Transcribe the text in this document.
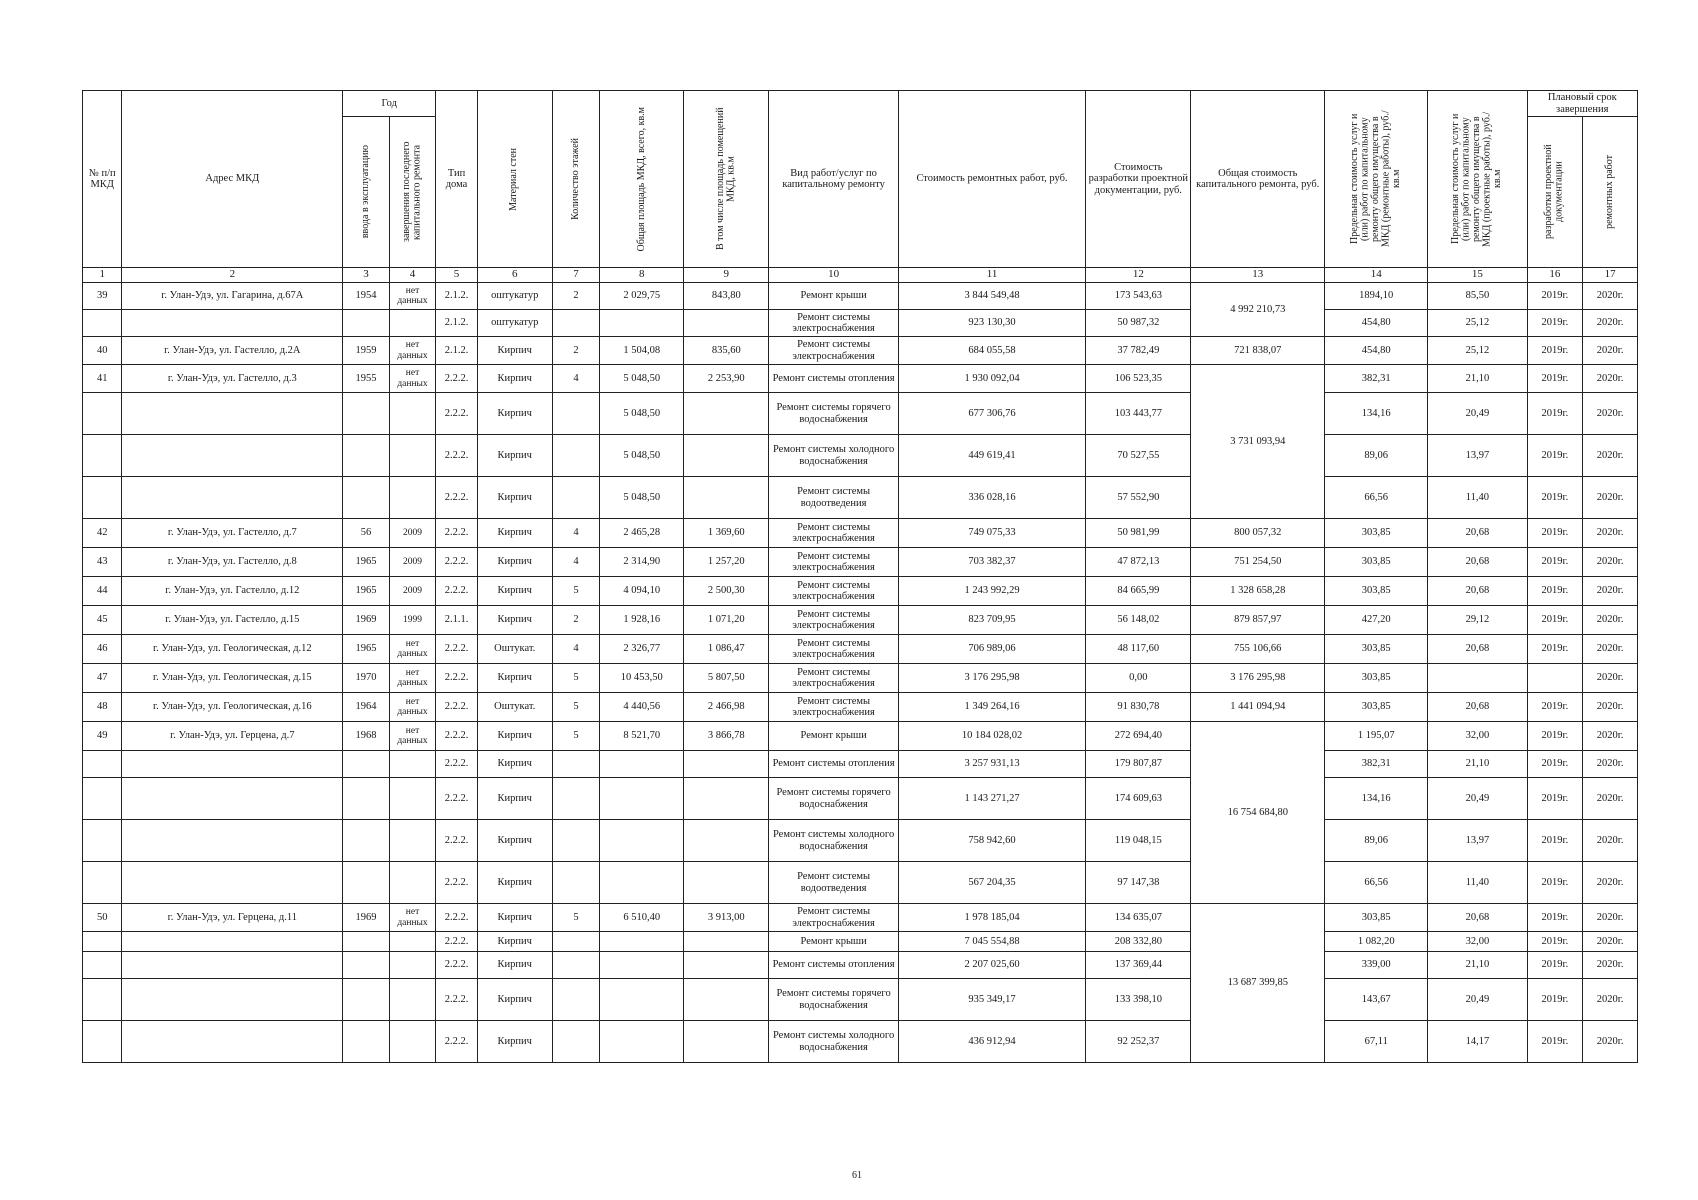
№ п/п МКД	Адрес МКД	Год		Тип дома	Материал стен	Количество этажей	Общая площадь МКД, всего, кв.м	В том числе площадь помещений МКД, кв.м	Вид работ/услуг по капитальному ремонту	Стоимость ремонтных работ, руб.	Стоимость разработки проектной документации, руб.	Общая стоимость капитального ремонта, руб.	Предельная стоимость услуг и (или) работ по капитальному ремонту общего имущества в МКД (ремонтные работы), руб./кв.м	Предельная стоимость услуг и (или) работ по капитальному ремонту общего имущества в МКД (проектные работы), руб./кв.м	Плановый срок завершения	

		ввода в эксплуатацию	завершения последнего капитального ремонта												разработки проектной документации	ремонтных работ

1	2	3	4	5	6	7	8	9	10	11	12	13	14	15	16	17
39	г. Улан-Удэ, ул. Гагарина, д.67А	1954	нет данных	2.1.2.	оштукатур	2	2 029,75	843,80	Ремонт крыши	3 844 549,48	173 543,63	4 992 210,73	1894,10	85,50	2019г.	2020г.
				2.1.2.	оштукатур				Ремонт системы электроснабжения	923 130,30	50 987,32		454,80	25,12	2019г.	2020г.
40	г. Улан-Удэ, ул. Гастелло, д.2А	1959	нет данных	2.1.2.	Кирпич	2	1 504,08	835,60	Ремонт системы электроснабжения	684 055,58	37 782,49	721 838,07	454,80	25,12	2019г.	2020г.
41	г. Улан-Удэ, ул. Гастелло, д.3	1955	нет данных	2.2.2.	Кирпич	4	5 048,50	2 253,90	Ремонт системы отопления	1 930 092,04	106 523,35	3 731 093,94	382,31	21,10	2019г.	2020г.
				2.2.2.	Кирпич		5 048,50		Ремонт системы горячего водоснабжения	677 306,76	103 443,77		134,16	20,49	2019г.	2020г.
				2.2.2.	Кирпич		5 048,50		Ремонт системы холодного водоснабжения	449 619,41	70 527,55		89,06	13,97	2019г.	2020г.
				2.2.2.	Кирпич		5 048,50		Ремонт системы водоотведения	336 028,16	57 552,90		66,56	11,40	2019г.	2020г.
42	г. Улан-Удэ, ул. Гастелло, д.7	56	2009	2.2.2.	Кирпич	4	2 465,28	1 369,60	Ремонт системы электроснабжения	749 075,33	50 981,99	800 057,32	303,85	20,68	2019г.	2020г.
43	г. Улан-Удэ, ул. Гастелло, д.8	1965	2009	2.2.2.	Кирпич	4	2 314,90	1 257,20	Ремонт системы электроснабжения	703 382,37	47 872,13	751 254,50	303,85	20,68	2019г.	2020г.
44	г. Улан-Удэ, ул. Гастелло, д.12	1965	2009	2.2.2.	Кирпич	5	4 094,10	2 500,30	Ремонт системы электроснабжения	1 243 992,29	84 665,99	1 328 658,28	303,85	20,68	2019г.	2020г.
45	г. Улан-Удэ, ул. Гастелло, д.15	1969	1999	2.1.1.	Кирпич	2	1 928,16	1 071,20	Ремонт системы электроснабжения	823 709,95	56 148,02	879 857,97	427,20	29,12	2019г.	2020г.
46	г. Улан-Удэ, ул. Геологическая, д.12	1965	нет данных	2.2.2.	Оштукат.	4	2 326,77	1 086,47	Ремонт системы электроснабжения	706 989,06	48 117,60	755 106,66	303,85	20,68	2019г.	2020г.
47	г. Улан-Удэ, ул. Геологическая, д.15	1970	нет данных	2.2.2.	Кирпич	5	10 453,50	5 807,50	Ремонт системы электроснабжения	3 176 295,98	0,00	3 176 295,98	303,85			2020г.
48	г. Улан-Удэ, ул. Геологическая, д.16	1964	нет данных	2.2.2.	Оштукат.	5	4 440,56	2 466,98	Ремонт системы электроснабжения	1 349 264,16	91 830,78	1 441 094,94	303,85	20,68	2019г.	2020г.
49	г. Улан-Удэ, ул. Герцена, д.7	1968	нет данных	2.2.2.	Кирпич	5	8 521,70	3 866,78	Ремонт крыши	10 184 028,02	272 694,40	16 754 684,80	1 195,07	32,00	2019г.	2020г.
				2.2.2.	Кирпич				Ремонт системы отопления	3 257 931,13	179 807,87		382,31	21,10	2019г.	2020г.
				2.2.2.	Кирпич				Ремонт системы горячего водоснабжения	1 143 271,27	174 609,63		134,16	20,49	2019г.	2020г.
				2.2.2.	Кирпич				Ремонт системы холодного водоснабжения	758 942,60	119 048,15		89,06	13,97	2019г.	2020г.
				2.2.2.	Кирпич				Ремонт системы водоотведения	567 204,35	97 147,38		66,56	11,40	2019г.	2020г.
50	г. Улан-Удэ, ул. Герцена, д.11	1969	нет данных	2.2.2.	Кирпич	5	6 510,40	3 913,00	Ремонт системы электроснабжения	1 978 185,04	134 635,07	13 687 399,85	303,85	20,68	2019г.	2020г.
				2.2.2.	Кирпич				Ремонт крыши	7 045 554,88	208 332,80		1 082,20	32,00	2019г.	2020г.
				2.2.2.	Кирпич				Ремонт системы отопления	2 207 025,60	137 369,44		339,00	21,10	2019г.	2020г.
				2.2.2.	Кирпич				Ремонт системы горячего водоснабжения	935 349,17	133 398,10		143,67	20,49	2019г.	2020г.
				2.2.2.	Кирпич				Ремонт системы холодного водоснабжения	436 912,94	92 252,37		67,11	14,17	2019г.	2020г.
61
